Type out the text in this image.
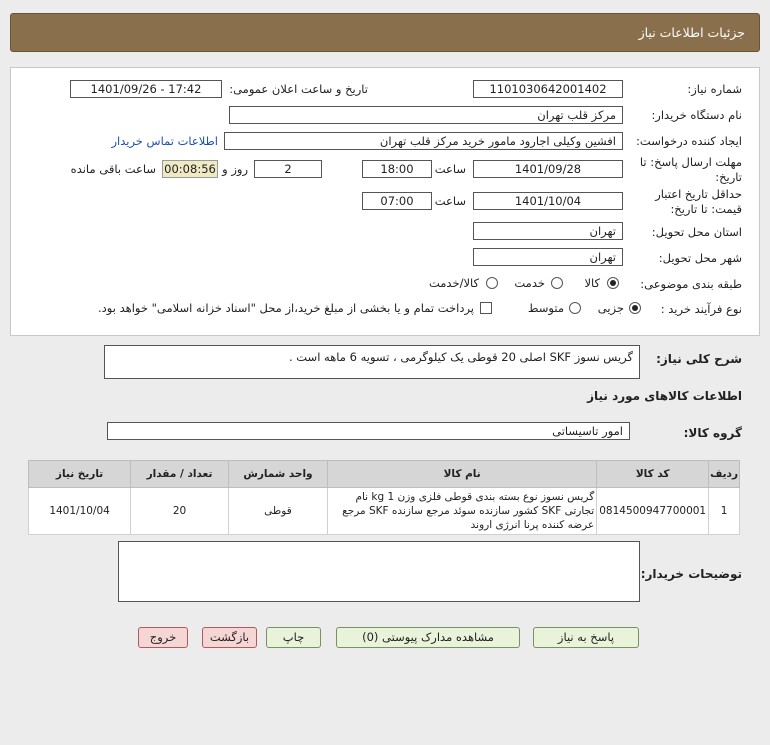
جزئیات اطلاعات نیاز
شماره نیاز:
1101030642001402
تاریخ و ساعت اعلان عمومی:
1401/09/26 - 17:42
نام دستگاه خریدار:
مرکز قلب تهران
ایجاد کننده درخواست:
افشین وکیلی اجارود مامور خرید مرکز قلب تهران
اطلاعات تماس خریدار
مهلت ارسال پاسخ: تا
تاریخ:
1401/09/28
ساعت
18:00
2
روز و
00:08:56
ساعت باقی مانده
حداقل تاریخ اعتبار
قیمت: تا تاریخ:
1401/10/04
ساعت
07:00
استان محل تحویل:
تهران
شهر محل تحویل:
تهران
طبقه بندی موضوعی:
کالا
خدمت
کالا/خدمت
نوع فرآیند خرید :
جزیی
متوسط
پرداخت تمام و یا بخشی از مبلغ خرید،از محل "اسناد خزانه اسلامی" خواهد بود.
شرح کلی نیاز:
گریس نسوز SKF اصلی 20 قوطی یک کیلوگرمی ، تسویه 6 ماهه است .
اطلاعات کالاهای مورد نیاز
گروه کالا:
امور تاسیساتی
ردیف	کد کالا	نام کالا	واحد شمارش	تعداد / مقدار	تاریخ نیاز
1	0814500947700001	گریس نسوز نوع بسته بندی قوطی فلزی وزن 1 kg نام تجارتی SKF کشور سازنده سوئد مرجع سازنده SKF مرجع عرضه کننده پرنا انرژی اروند	قوطی	20	1401/10/04
توضیحات خریدار:
پاسخ به نیاز
مشاهده مدارک پیوستی (0)
چاپ
بازگشت
خروج
